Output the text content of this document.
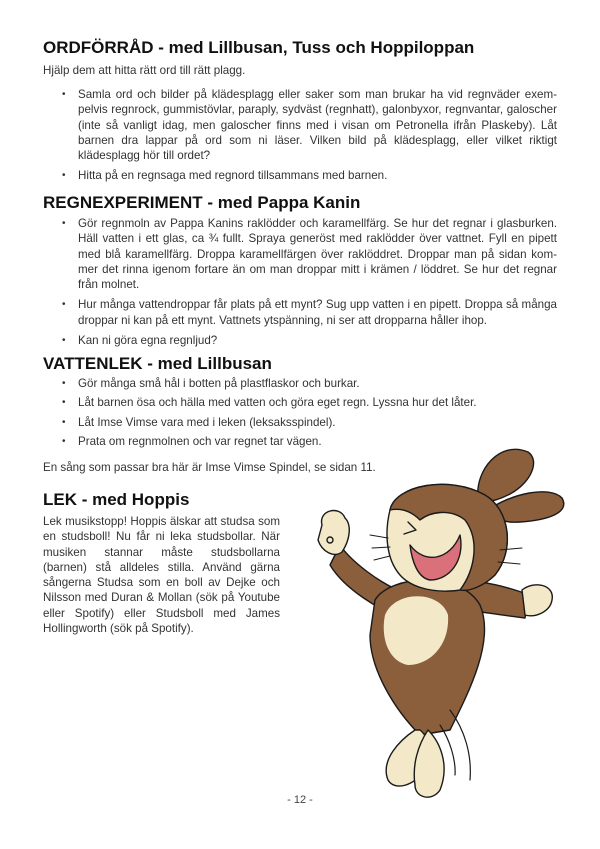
ORDFÖRRÅD - med Lillbusan, Tuss och Hoppiloppan

Hjälp dem att hitta rätt ord till rätt plagg.

• Samla ord och bilder på klädesplagg eller saker som man brukar ha vid regnväder exempelvis regnrock, gummistövlar, paraply, sydväst (regnhatt), galonbyxor, regnvantar, galoscher (inte så vanligt idag, men galoscher finns med i visan om Petronella ifrån Plaskeby). Låt barnen dra lappar på ord som ni läser. Vilken bild på klädesplagg, eller vilket riktigt klädesplagg hör till ordet?
• Hitta på en regnsaga med regnord tillsammans med barnen.
REGNEXPERIMENT - med Pappa Kanin
• Gör regnmoln av Pappa Kanins raklödder och karamellfärg. Se hur det regnar i glasburken. Häll vatten i ett glas, ca ¾ fullt. Spraya generöst med raklödder över vattnet. Fyll en pipett med blå karamellfärg. Droppa karamellfärgen över raklöddret. Droppar man på sidan kommer det rinna igenom fortare än om man droppar mitt i krämen / löddret. Se hur det regnar från molnet.
• Hur många vattendroppar får plats på ett mynt? Sug upp vatten i en pipett. Droppa så många droppar ni kan på ett mynt. Vattnets ytspänning, ni ser att dropparna håller ihop.
• Kan ni göra egna regnljud?
VATTENLEK - med Lillbusan
• Gör många små hål i botten på plastflaskor och burkar.
• Låt barnen ösa och hälla med vatten och göra eget regn. Lyssna hur det låter.
• Låt Imse Vimse vara med i leken (leksaksspindel).
• Prata om regnmolnen och var regnet tar vägen.

En sång som passar bra här är Imse Vimse Spindel, se sidan 11.

LEK - med Hoppis

Lek musikstopp! Hoppis älskar att studsa som en studsboll! Nu får ni leka studsbollar. När musiken stannar måste studsbollarna (barnen) stå alldeles stilla. Använd gärna sångerna Studsa som en boll av Dejke och Nilsson med Duran & Mollan (sök på Youtube eller Spotify) eller Studsboll med James Hollingworth (sök på Spotify).

- 12 -
